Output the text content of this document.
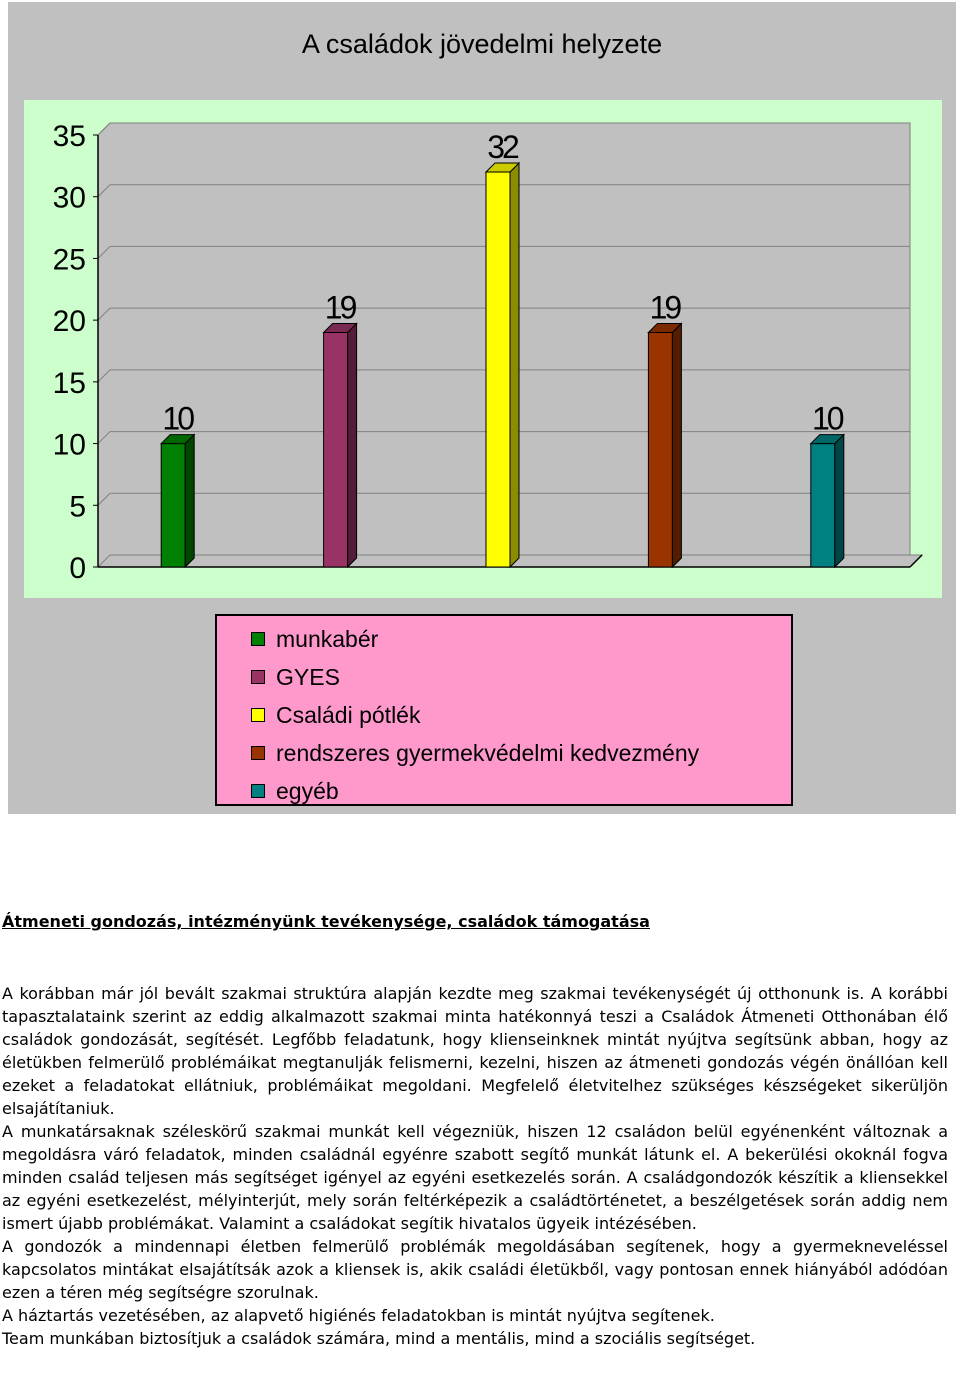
A családok jövedelmi helyzete
0
5
10
15
20
25
30
35
10
19
32
19
10
munkabér
GYES
Családi pótlék
rendszeres gyermekvédelmi kedvezmény
egyéb
Átmeneti gondozás, intézményünk tevékenysége, családok támogatása

A korábban már jól bevált szakmai struktúra alapján kezdte meg szakmai tevékenységét új otthonunk is. A korábbi tapasztalataink szerint az eddig alkalmazott szakmai minta hatékonnyá teszi a Családok Átmeneti Otthonában élő családok gondozását, segítését. Legfőbb feladatunk, hogy klienseinknek mintát nyújtva segítsünk abban, hogy az életükben felmerülő problémáikat megtanulják felismerni, kezelni, hiszen az átmeneti gondozás végén önállóan kell ezeket a feladatokat ellátniuk, problémáikat megoldani. Megfelelő életvitelhez szükséges készségeket sikerüljön elsajátítaniuk.

A munkatársaknak széleskörű szakmai munkát kell végezniük, hiszen 12 családon belül egyénenként változnak a megoldásra váró feladatok, minden családnál egyénre szabott segítő munkát látunk el. A bekerülési okoknál fogva minden család teljesen más segítséget igényel az egyéni esetkezelés során. A családgondozók készítik a kliensekkel az egyéni esetkezelést, mélyinterjút, mely során feltérképezik a családtörténetet, a beszélgetések során addig nem ismert újabb problémákat. Valamint a családokat segítik hivatalos ügyeik intézésében.

A gondozók a mindennapi életben felmerülő problémák megoldásában segítenek, hogy a gyermekneveléssel kapcsolatos mintákat elsajátítsák azok a kliensek is, akik családi életükből, vagy pontosan ennek hiányából adódóan ezen a téren még segítségre szorulnak.

A háztartás vezetésében, az alapvető higiénés feladatokban is mintát nyújtva segítenek.

Team munkában biztosítjuk a családok számára, mind a mentális, mind a szociális segítséget.
